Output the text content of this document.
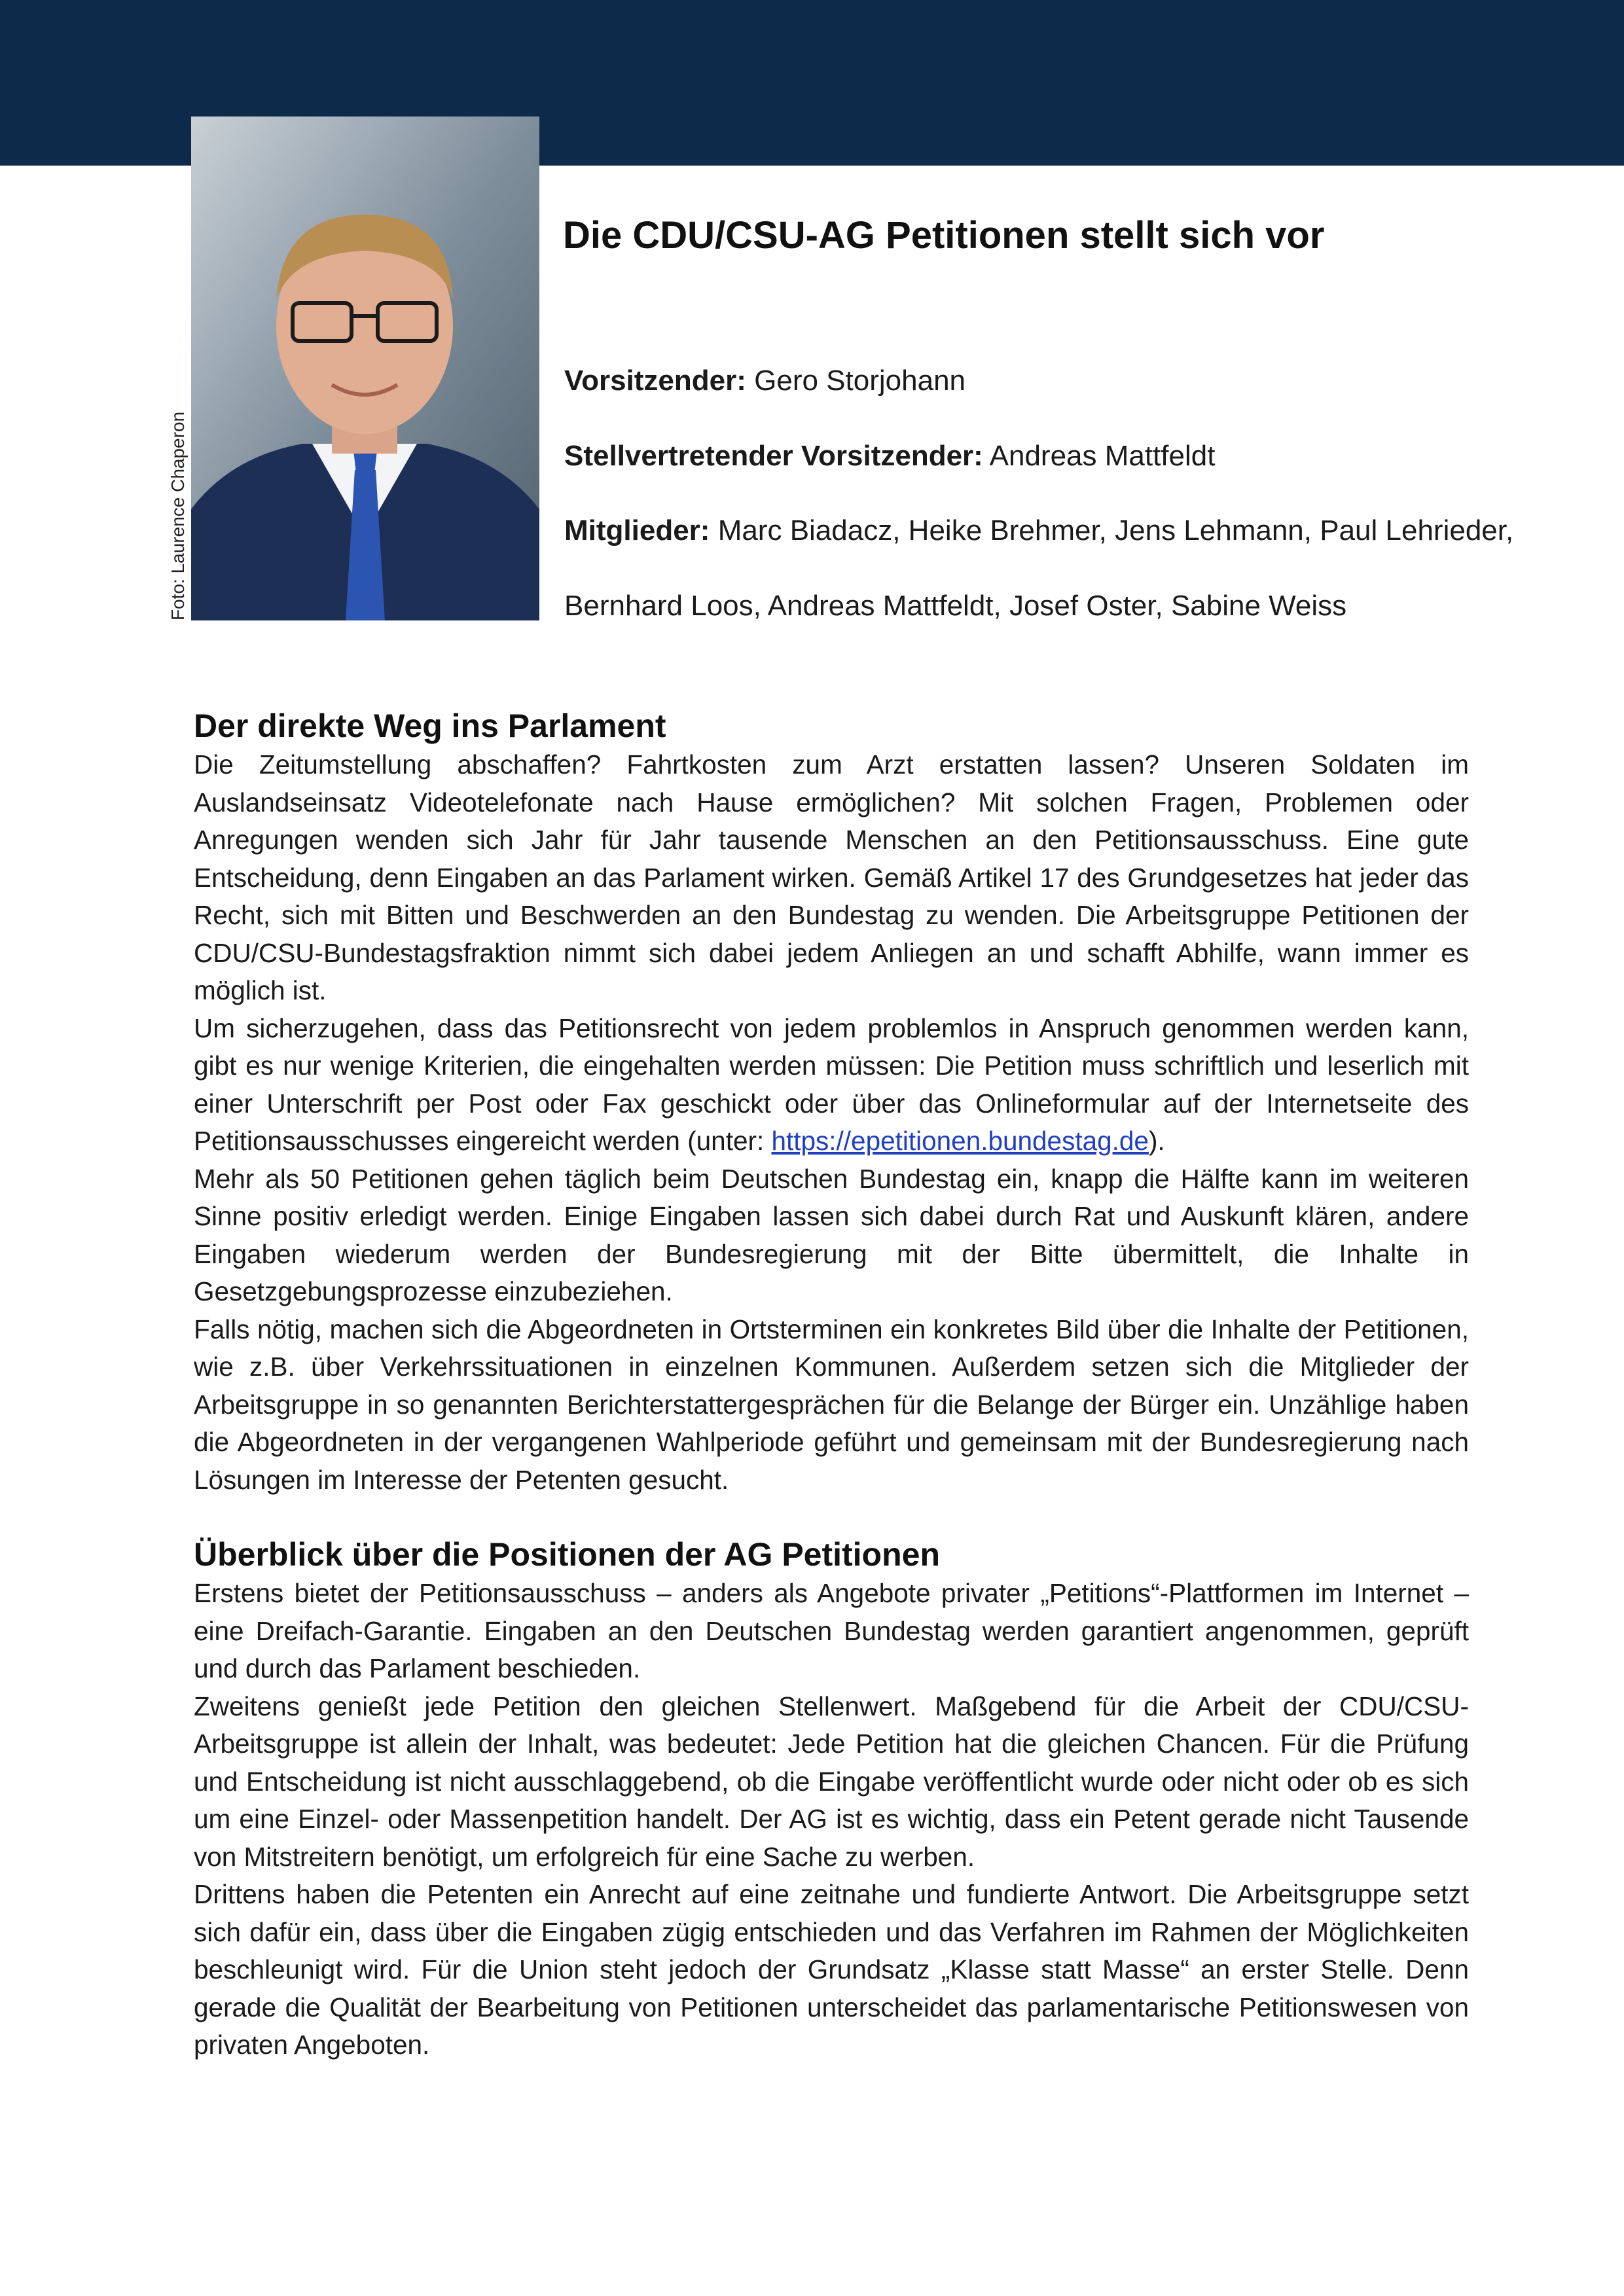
Foto: Laurence Chaperon
Die CDU/CSU-AG Petitionen stellt sich vor
Vorsitzender: Gero Storjohann
Stellvertretender Vorsitzender: Andreas Mattfeldt
Mitglieder: Marc Biadacz, Heike Brehmer, Jens Lehmann, Paul Lehrieder,
Bernhard Loos, Andreas Mattfeldt, Josef Oster, Sabine Weiss
Der direkte Weg ins Parlament

Die Zeitumstellung abschaffen? Fahrtkosten zum Arzt erstatten lassen? Unseren Soldaten im Auslandseinsatz Videotelefonate nach Hause ermöglichen? Mit solchen Fragen, Problemen oder Anregungen wenden sich Jahr für Jahr tausende Menschen an den Petitionsausschuss. Eine gute Entscheidung, denn Eingaben an das Parlament wirken. Gemäß Artikel 17 des Grundgesetzes hat jeder das Recht, sich mit Bitten und Beschwerden an den Bundestag zu wenden. Die Arbeitsgruppe Petitionen der CDU/CSU-Bundestagsfraktion nimmt sich dabei jedem Anliegen an und schafft Abhilfe, wann immer es möglich ist.

Um sicherzugehen, dass das Petitionsrecht von jedem problemlos in Anspruch genommen werden kann, gibt es nur wenige Kriterien, die eingehalten werden müssen: Die Petition muss schriftlich und leserlich mit einer Unterschrift per Post oder Fax geschickt oder über das Onlineformular auf der Internetseite des Petitionsausschusses eingereicht werden (unter: https://epetitionen.bundestag.de).

Mehr als 50 Petitionen gehen täglich beim Deutschen Bundestag ein, knapp die Hälfte kann im weiteren Sinne positiv erledigt werden. Einige Eingaben lassen sich dabei durch Rat und Auskunft klären, andere Eingaben wiederum werden der Bundesregierung mit der Bitte übermittelt, die Inhalte in Gesetzgebungsprozesse einzubeziehen.

Falls nötig, machen sich die Abgeordneten in Ortsterminen ein konkretes Bild über die Inhalte der Petitionen, wie z.B. über Verkehrssituationen in einzelnen Kommunen. Außerdem setzen sich die Mitglieder der Arbeitsgruppe in so genannten Berichterstattergesprächen für die Belange der Bürger ein. Unzählige haben die Abgeordneten in der vergangenen Wahlperiode geführt und gemeinsam mit der Bundesregierung nach Lösungen im Interesse der Petenten gesucht.

Überblick über die Positionen der AG Petitionen

Erstens bietet der Petitionsausschuss – anders als Angebote privater „Petitions“-Plattformen im Internet – eine Dreifach-Garantie. Eingaben an den Deutschen Bundestag werden garantiert angenommen, geprüft und durch das Parlament beschieden.

Zweitens genießt jede Petition den gleichen Stellenwert. Maßgebend für die Arbeit der CDU/CSU-Arbeitsgruppe ist allein der Inhalt, was bedeutet: Jede Petition hat die gleichen Chancen. Für die Prüfung und Entscheidung ist nicht ausschlaggebend, ob die Eingabe veröffentlicht wurde oder nicht oder ob es sich um eine Einzel- oder Massenpetition handelt. Der AG ist es wichtig, dass ein Petent gerade nicht Tausende von Mitstreitern benötigt, um erfolgreich für eine Sache zu werben.

Drittens haben die Petenten ein Anrecht auf eine zeitnahe und fundierte Antwort. Die Arbeitsgruppe setzt sich dafür ein, dass über die Eingaben zügig entschieden und das Verfahren im Rahmen der Möglichkeiten beschleunigt wird. Für die Union steht jedoch der Grundsatz „Klasse statt Masse“ an erster Stelle. Denn gerade die Qualität der Bearbeitung von Petitionen unterscheidet das parlamentarische Petitionswesen von privaten Angeboten.
